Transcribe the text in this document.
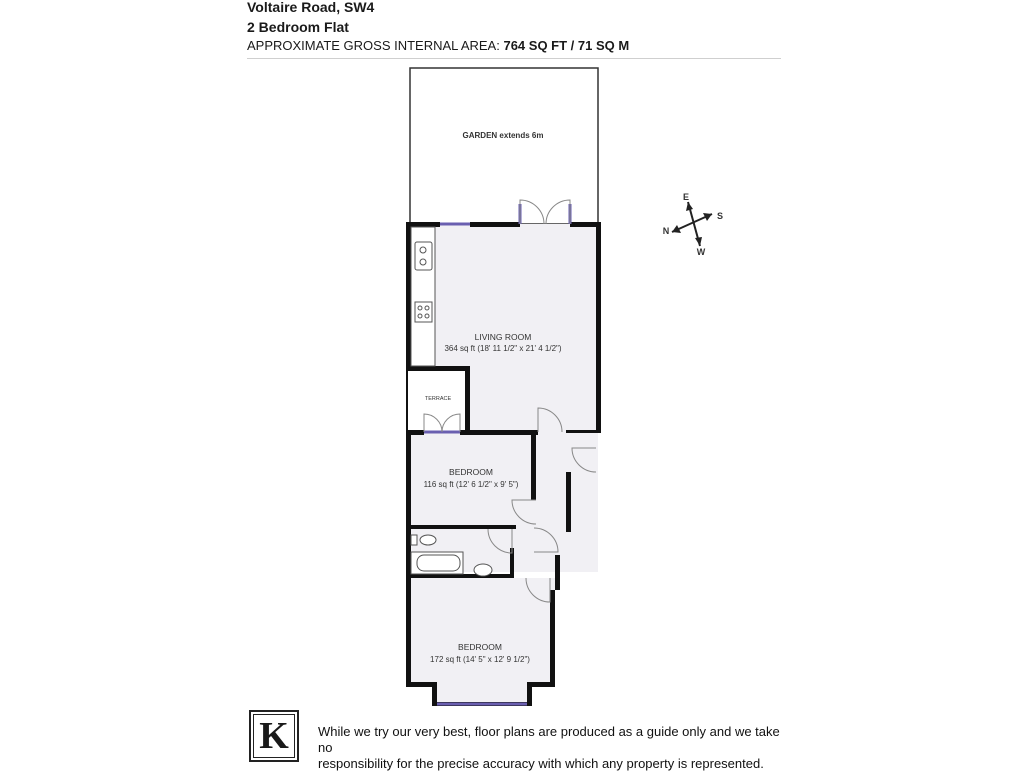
Voltaire Road, SW4
2 Bedroom Flat
APPROXIMATE GROSS INTERNAL AREA: 764 SQ FT / 71 SQ M
GARDEN extends 6m
LIVING ROOM
364 sq ft (18' 11 1/2" x 21' 4 1/2")
TERRACE
BEDROOM
116 sq ft (12' 6 1/2" x 9' 5")
BEDROOM
172 sq ft (14' 5" x 12' 9 1/2")
E
S
N
W
K	While we try our very best, floor plans are produced as a guide only and we take no
responsibility for the precise accuracy with which any property is represented.
